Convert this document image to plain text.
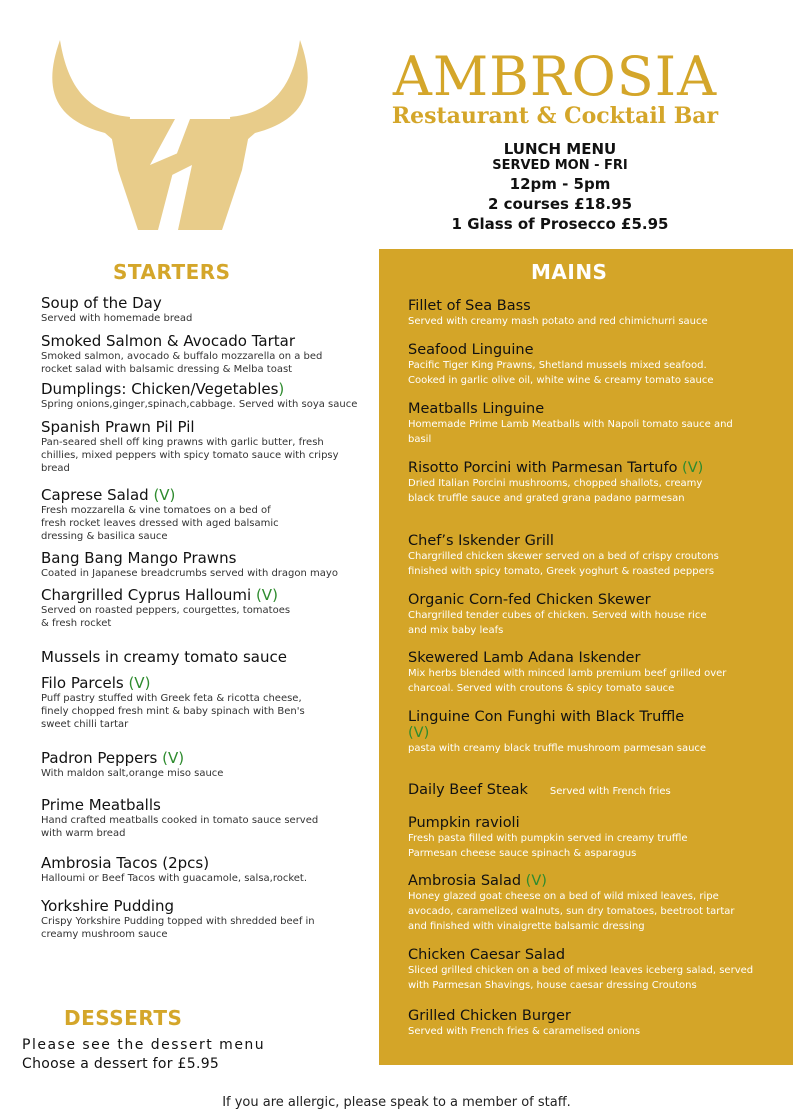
AMBROSIA
Restaurant & Cocktail Bar
LUNCH MENU
SERVED MON - FRI
12pm - 5pm
2 courses £18.95
1 Glass of Prosecco £5.95
STARTERS
Soup of the Day
Served with homemade bread
Smoked Salmon & Avocado Tartar
Smoked salmon, avocado & buffalo mozzarella on a bed rocket salad with balsamic dressing & Melba toast
Dumplings: Chicken/Vegetables)
Spring onions,ginger,spinach,cabbage. Served with soya sauce
Spanish Prawn Pil Pil
Pan-seared shell off king prawns with garlic butter, fresh chillies, mixed peppers with spicy tomato sauce with cripsy bread
Caprese Salad (V)
Fresh mozzarella & vine tomatoes on a bed of fresh rocket leaves dressed with aged balsamic dressing & basilica sauce
Bang Bang Mango Prawns
Coated in Japanese breadcrumbs served with dragon mayo
Chargrilled Cyprus Halloumi (V)
Served on roasted peppers, courgettes, tomatoes & fresh rocket
Mussels in creamy tomato sauce
Filo Parcels (V)
Puff pastry stuffed with Greek feta & ricotta cheese, finely chopped fresh mint & baby spinach with Ben's sweet chilli tartar
Padron Peppers (V)
With maldon salt,orange miso sauce
Prime Meatballs
Hand crafted meatballs cooked in tomato sauce served with warm bread
Ambrosia Tacos (2pcs)
Halloumi or Beef Tacos with guacamole, salsa,rocket.
Yorkshire Pudding
Crispy Yorkshire Pudding topped with shredded beef in creamy mushroom sauce
MAINS
Fillet of Sea Bass
Served with creamy mash potato and red chimichurri sauce
Seafood Linguine
Pacific Tiger King Prawns, Shetland mussels mixed seafood. Cooked in garlic olive oil, white wine & creamy tomato sauce
Meatballs Linguine
Homemade Prime Lamb Meatballs with Napoli tomato sauce and basil
Risotto Porcini with Parmesan Tartufo (V)
Dried Italian Porcini mushrooms, chopped shallots, creamy black truffle sauce and grated grana padano parmesan
Chef’s Iskender Grill
Chargrilled chicken skewer served on a bed of crispy croutons finished with spicy tomato, Greek yoghurt & roasted peppers
Organic Corn-fed Chicken Skewer
Chargrilled tender cubes of chicken. Served with house rice and mix baby leafs
Skewered Lamb Adana Iskender
Mix herbs blended with minced lamb premium beef grilled over charcoal. Served with croutons & spicy tomato sauce
Linguine Con Funghi with Black Truffle (V)
pasta with creamy black truffle mushroom parmesan sauce
Daily Beef Steak Served with French fries
Pumpkin ravioli
Fresh pasta filled with pumpkin served in creamy truffle Parmesan cheese sauce spinach & asparagus
Ambrosia Salad (V)
Honey glazed goat cheese on a bed of wild mixed leaves, ripe avocado, caramelized walnuts, sun dry tomatoes, beetroot tartar and finished with vinaigrette balsamic dressing
Chicken Caesar Salad
Sliced grilled chicken on a bed of mixed leaves iceberg salad, served with Parmesan Shavings, house caesar dressing Croutons
Grilled Chicken Burger
Served with French fries & caramelised onions
DESSERTS
Please see the dessert menu
Choose a dessert for £5.95
If you are allergic, please speak to a member of staff.
